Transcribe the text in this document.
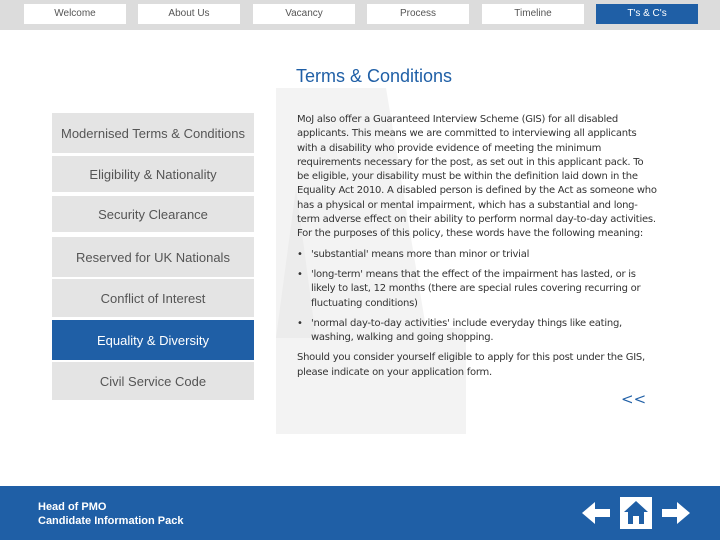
Welcome	About Us	Vacancy	Process	Timeline	T's & C's
Terms & Conditions
Modernised Terms & Conditions
Eligibility & Nationality
Security Clearance
Reserved for UK Nationals
Conflict of Interest
Equality & Diversity
Civil Service Code

MoJ also offer a Guaranteed Interview Scheme (GIS) for all disabled applicants. This means we are committed to interviewing all applicants with a disability who provide evidence of meeting the minimum requirements necessary for the post, as set out in this applicant pack. To be eligible, your disability must be within the definition laid down in the Equality Act 2010. A disabled person is defined by the Act as someone who has a physical or mental impairment, which has a substantial and long-term adverse effect on their ability to perform normal day-to-day activities. For the purposes of this policy, these words have the following meaning:

• 'substantial' means more than minor or trivial
• 'long-term' means that the effect of the impairment has lasted, or is likely to last, 12 months (there are special rules covering recurring or fluctuating conditions)
• 'normal day-to-day activities' include everyday things like eating, washing, walking and going shopping.

Should you consider yourself eligible to apply for this post under the GIS, please indicate on your application form.

<<
Head of PMO
Candidate Information Pack
